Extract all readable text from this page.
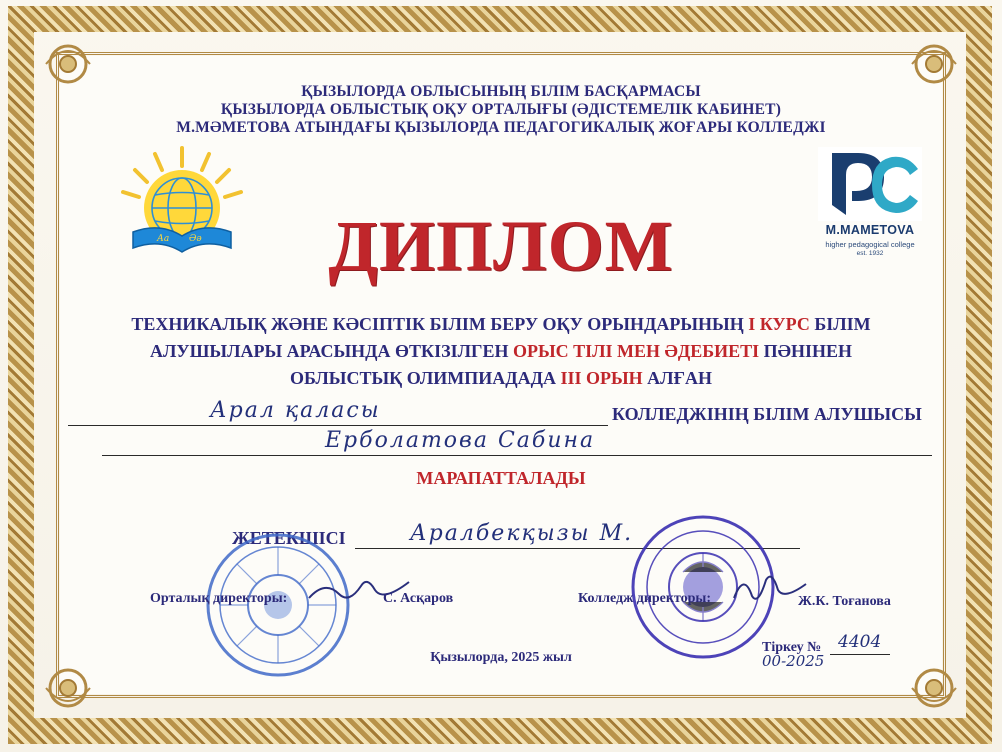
ҚЫЗЫЛОРДА ОБЛЫСЫНЫҢ БІЛІМ БАСҚАРМАСЫ
ҚЫЗЫЛОРДА ОБЛЫСТЫҚ ОҚУ ОРТАЛЫҒЫ (ӘДІСТЕМЕЛІК КАБИНЕТ)
М.МӘМЕТОВА АТЫНДАҒЫ ҚЫЗЫЛОРДА ПЕДАГОГИКАЛЫҚ ЖОҒАРЫ КОЛЛЕДЖІ
Аа Әә
M.MAMETOVA
higher pedagogical college
est. 1932
ДИПЛОМ
ТЕХНИКАЛЫҚ ЖӘНЕ КӘСІПТІК БІЛІМ БЕРУ ОҚУ ОРЫНДАРЫНЫҢ І КУРС БІЛІМ
АЛУШЫЛАРЫ АРАСЫНДА ӨТКІЗІЛГЕН ОРЫС ТІЛІ МЕН ӘДЕБИЕТІ ПӘНІНЕН
ОБЛЫСТЫҚ ОЛИМПИАДАДА ІІІ ОРЫН АЛҒАН
Арал қаласы	КОЛЛЕДЖІНІҢ БІЛІМ АЛУШЫСЫ
Ерболатова Сабина
МАРАПАТТАЛАДЫ
ЖЕТЕКШІСІ	Аралбекқызы М.
Орталық директоры:	С. Асқаров	Колледж директоры:	Ж.К. Тоғанова
Тіркеу № 4404
00-2025
Қызылорда, 2025 жыл
